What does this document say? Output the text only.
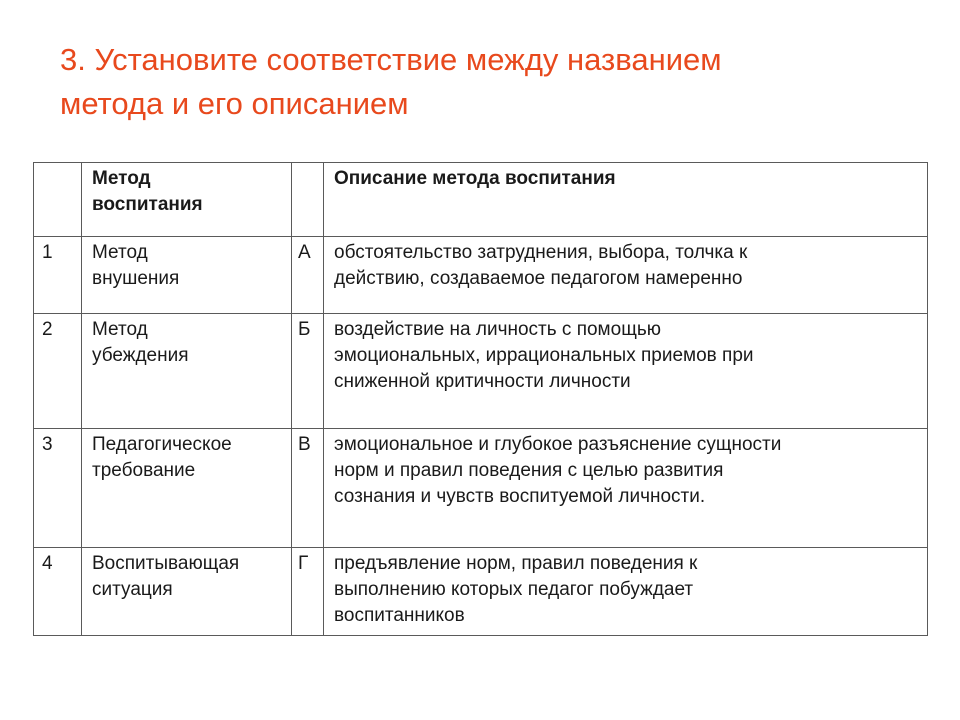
3. Установите соответствие между названием
метода и его описанием

	Метод
воспитания		Описание метода воспитания

1	Метод
внушения	А	обстоятельство затруднения, выбора, толчка к
действию, создаваемое педагогом намеренно

2	Метод
убеждения	Б	воздействие на личность с помощью
эмоциональных, иррациональных приемов при
сниженной критичности личности

3	Педагогическое
требование	В	эмоциональное и глубокое разъяснение сущности
норм и правил поведения с целью развития
сознания и чувств воспитуемой личности.

4	Воспитывающая
ситуация	Г	предъявление норм, правил поведения к
выполнению которых педагог побуждает
воспитанников
